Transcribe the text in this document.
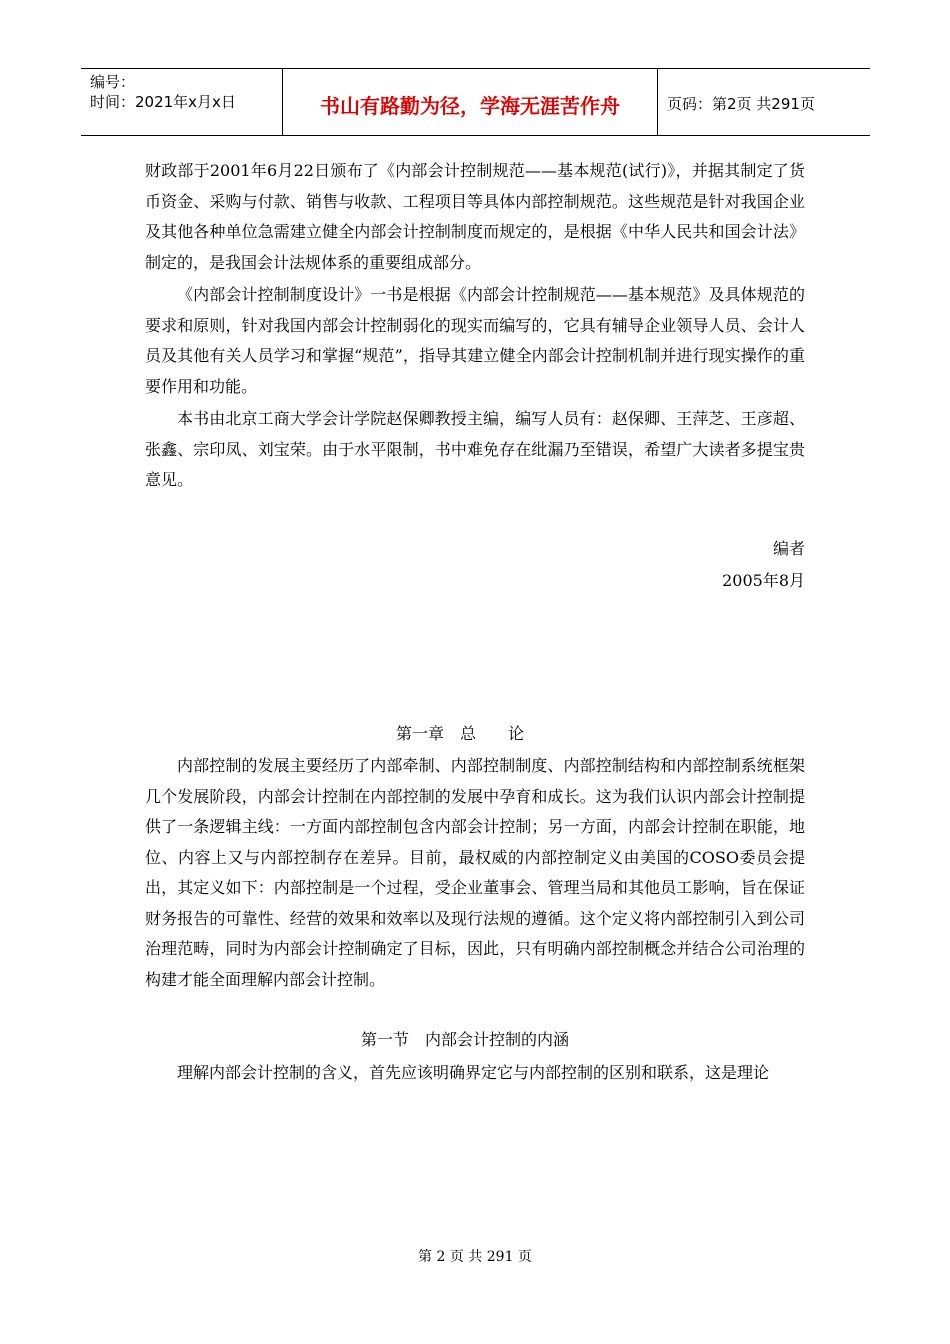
编号：
时间：2021年x月x日	书山有路勤为径，学海无涯苦作舟	页码：第2页 共291页

财政部于2001年6月22日颁布了《内部会计控制规范——基本规范(试行)》，并据其制定了货币资金、采购与付款、销售与收款、工程项目等具体内部控制规范。这些规范是针对我国企业及其他各种单位急需建立健全内部会计控制制度而规定的，是根据《中华人民共和国会计法》制定的，是我国会计法规体系的重要组成部分。

《内部会计控制制度设计》一书是根据《内部会计控制规范——基本规范》及具体规范的要求和原则，针对我国内部会计控制弱化的现实而编写的，它具有辅导企业领导人员、会计人员及其他有关人员学习和掌握“规范”，指导其建立健全内部会计控制机制并进行现实操作的重要作用和功能。

本书由北京工商大学会计学院赵保卿教授主编，编写人员有：赵保卿、王萍芝、王彦超、张鑫、宗印凤、刘宝荣。由于水平限制，书中难免存在纰漏乃至错误，希望广大读者多提宝贵意见。

编者

2005年8月

第一章　总　　论

内部控制的发展主要经历了内部牵制、内部控制制度、内部控制结构和内部控制系统框架几个发展阶段，内部会计控制在内部控制的发展中孕育和成长。这为我们认识内部会计控制提供了一条逻辑主线：一方面内部控制包含内部会计控制；另一方面，内部会计控制在职能，地位、内容上又与内部控制存在差异。目前，最权威的内部控制定义由美国的COSO委员会提出，其定义如下：内部控制是一个过程，受企业董事会、管理当局和其他员工影响，旨在保证财务报告的可靠性、经营的效果和效率以及现行法规的遵循。这个定义将内部控制引入到公司治理范畴，同时为内部会计控制确定了目标，因此，只有明确内部控制概念并结合公司治理的构建才能全面理解内部会计控制。

第一节　内部会计控制的内涵

理解内部会计控制的含义，首先应该明确界定它与内部控制的区别和联系，这是理论

第 2 页 共 291 页
